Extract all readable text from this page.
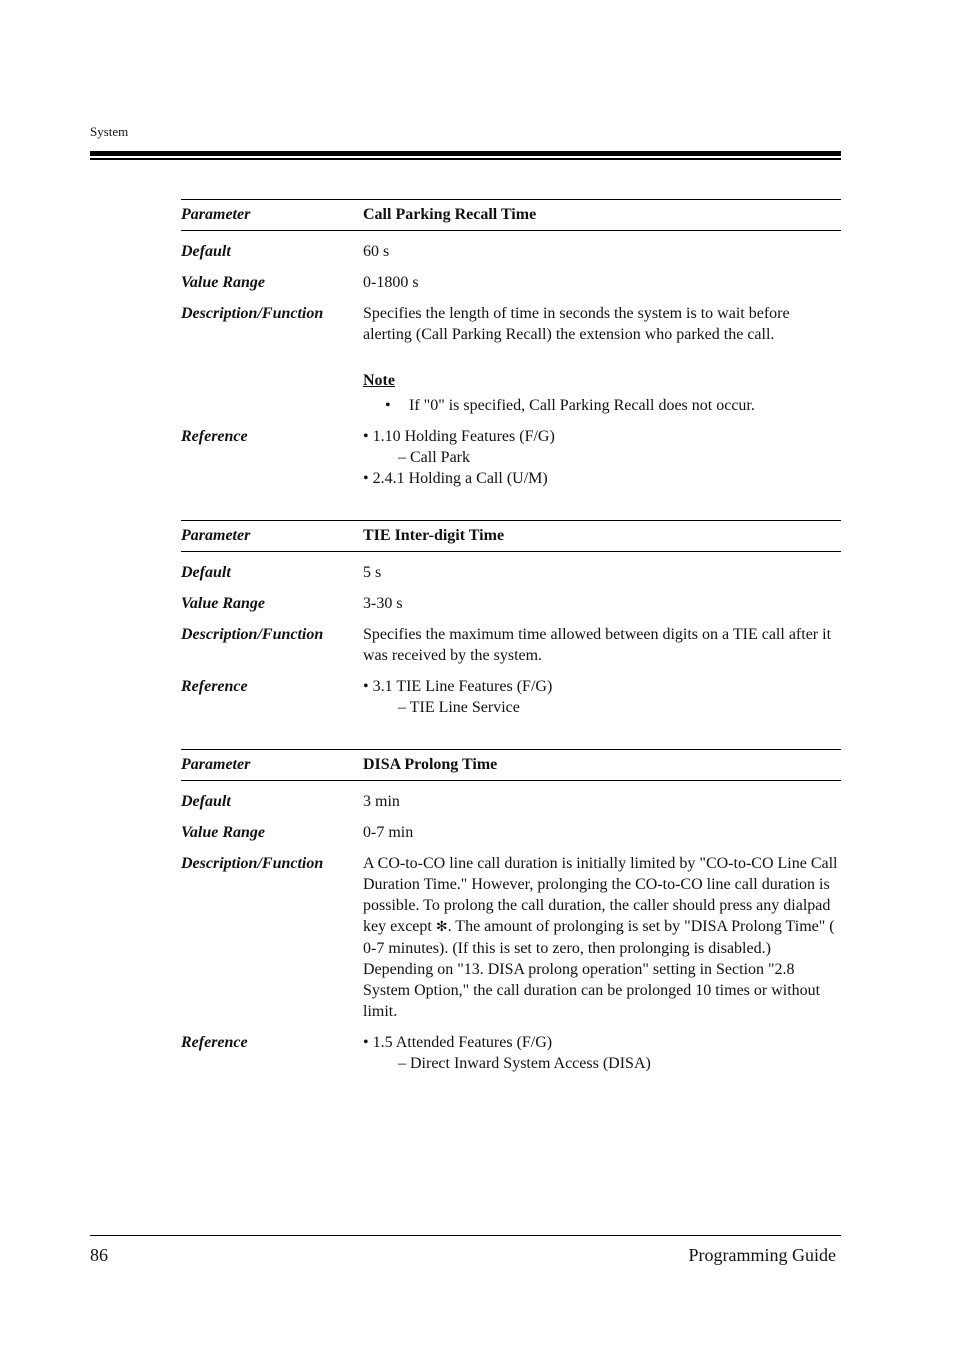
System
Parameter	Call Parking Recall Time
Default	60 s
Value Range	0-1800 s
Description/Function	Specifies the length of time in seconds the system is to wait before alerting (Call Parking Recall) the extension who parked the call.
Note
• If "0" is specified, Call Parking Recall does not occur.
Reference	• 1.10 Holding Features (F/G)
– Call Park
• 2.4.1 Holding a Call (U/M)
Parameter	TIE Inter-digit Time
Default	5 s
Value Range	3-30 s
Description/Function	Specifies the maximum time allowed between digits on a TIE call after it was received by the system.
Reference	• 3.1 TIE Line Features (F/G)
– TIE Line Service
Parameter	DISA Prolong Time
Default	3 min
Value Range	0-7 min
Description/Function	A CO-to-CO line call duration is initially limited by "CO-to-CO Line Call Duration Time." However, prolonging the CO-to-CO line call duration is possible. To prolong the call duration, the caller should press any dialpad key except ✻. The amount of prolonging is set by "DISA Prolong Time" ( 0-7 minutes). (If this is set to zero, then prolonging is disabled.) Depending on "13. DISA prolong operation" setting in Section "2.8 System Option," the call duration can be prolonged 10 times or without limit.
Reference	• 1.5 Attended Features (F/G)
– Direct Inward System Access (DISA)
86	Programming Guide
